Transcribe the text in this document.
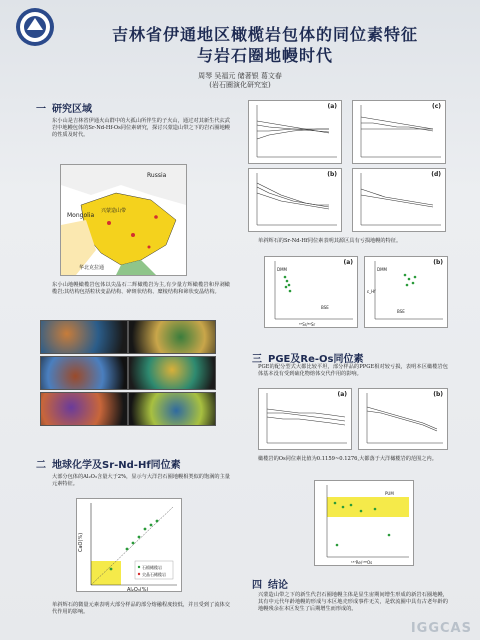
吉林省伊通地区橄榄岩包体的同位素特征
与岩石圈地幔时代
周琴 吴福元 储著银 葛文春
(岩石圈演化研究室)
一 研究区域
东小山是吉林省伊通火山群中的大孤山所伴生的子火山，通过对其新生代玄武岩中地幔包体的Sr-Nd-Hf-Os同位素研究，探讨兴蒙造山带之下的岩石圈地幔的性质及时代。
Russia
Mongolia
兴蒙造山带
华北克拉通
东小山地幔橄榄岩包体以尖晶石二辉橄榄岩为主,有少量方辉橄榄岩和异剥橄榄岩;其结构包括粒状变晶结构、碎斑状结构、糜棱结构和筛状变晶结构。
二 地球化学及Sr-Nd-Hf同位素
大部分包体的Al₂O₃含量大于2%，显示与大洋岩石圈地幔相类似的饱满的主量元素特征。
石榴橄榄岩
尖晶石橄榄岩
Al₂O₃(%)
CaO(%)
单斜辉石的微量元素表明大部分样品的部分熔融程度较低，并且受到了流体交代作用的影响。
(a)	(c)
(b)	(d)
单斜辉石的Sr-Nd-Hf同位素表明其源区具有亏损地幔的特征。
(a)
DMM
BSE
⁸⁷Sr/⁸⁶Sr
(b)
DMM
BSE
ε_Hf
三 PGE及Re-Os同位素
PGE的配分型式大都比较平坦，部分样品的PPGE相对较亏损，表明本区橄榄岩包体基本没有受到硫化物熔体交代作用的影响。
(a)	(b)
橄榄岩的Os同位素比值为0.1159~0.1276,大都落于大洋橄榄岩的范围之内。
PUM
¹⁸⁷Re/¹⁸⁸Os
四 结论
兴蒙造山带之下的新生代岩石圈地幔主体是显生宙期间增生形成的新岩石圈地幔，其有中元代年龄地幔的形成与本区地壳形成事件无关，是软流圈中具有古老年龄的地幔残余在本区发生了后期增生而形成的。
IGGCAS
